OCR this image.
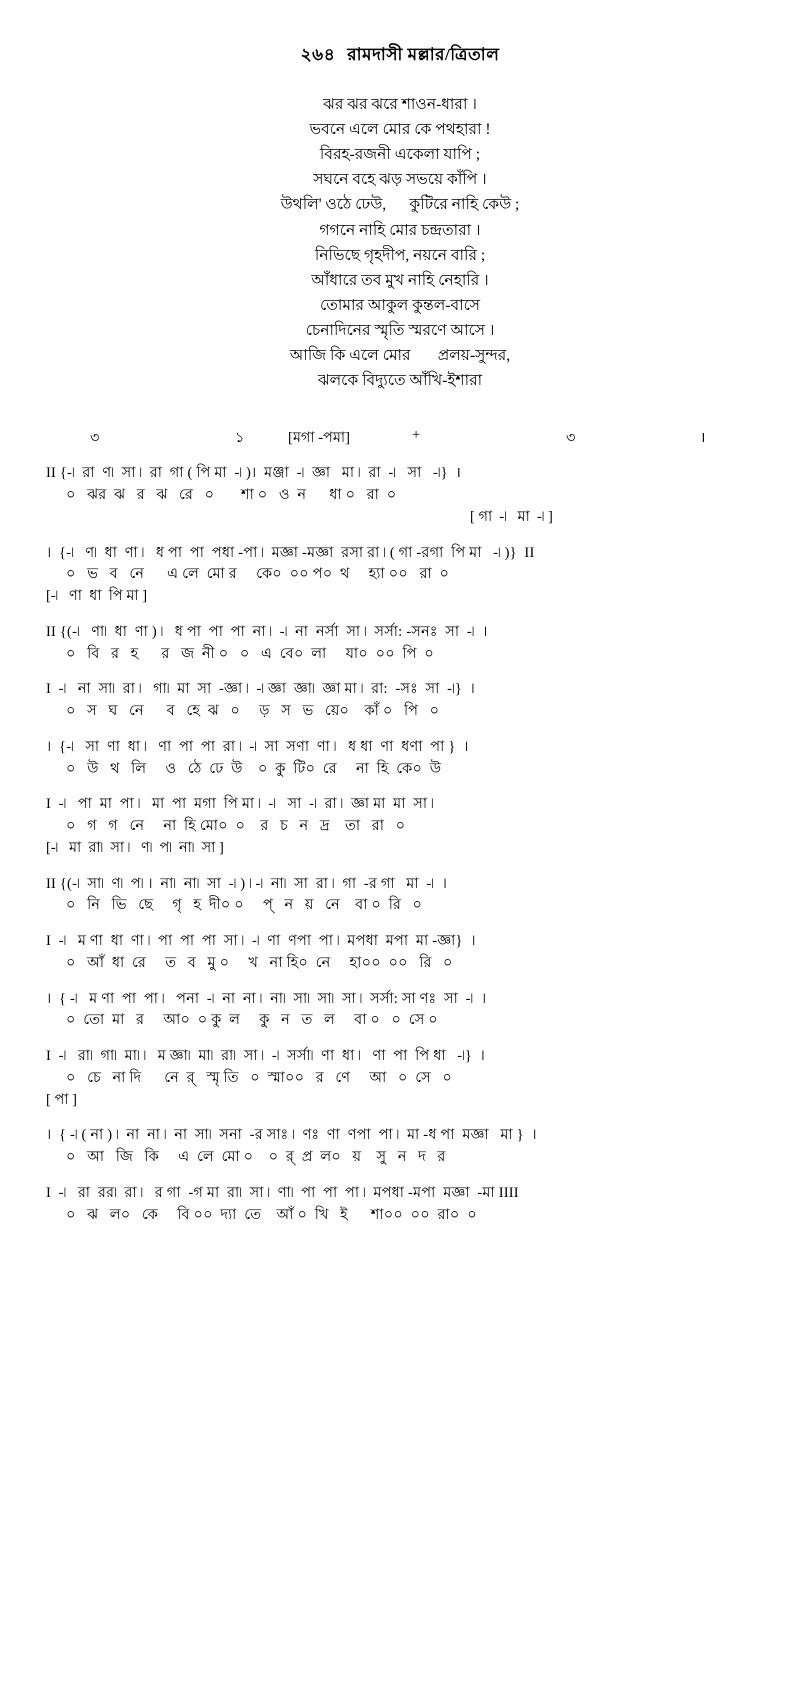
২৬৪ রামদাসী মল্লার/ত্রিতাল
ঝর ঝর ঝরে শাওন-ধারা ।
ভবনে এলে মোর কে পথহারা !
বিরহ-রজনী একেলা যাপি ;
সঘনে বহে ঝড় সভয়ে কাঁপি ।
উথলি' ওঠে ঢেউ,      কুটিরে নাহি কেউ ;
গগনে নাহি মোর চন্দ্রতারা ।
নিভিছে গৃহদীপ, নয়নে বারি ;
আঁধারে তব মুখ নাহি নেহারি ।
তোমার আকুল কুন্তল-বাসে
চেনাদিনের স্মৃতি স্মরণে আসে ।
আজি কি এলে মোর       প্রলয়-সুন্দর,
ঝলকে বিদ্যুতে আঁখি-ইশারা
৩	১	[মগা -পমা]	+	৩	।
II {-৷  রা  ণ৷  সা ৷  রা  গা ( পি মা  -৷ )।  মঞ্জা  -৷  জ্ঞা   মা ৷  রা  -৷   সা   -৷}  ।
০   ঝর  ঝ   র   ঝ   রে   ০       শা ০   ও  ন      ধা ০   রা  ০
[ গা  -৷   মা  -৷ ]
।  {-৷   ণ৷  ধা  ণা ৷   ধ পা  পা  পধা -পা ৷  মজ্ঞা -মজ্ঞা  রসা রা ৷ ( গা -রগা  পি মা   -৷ )}  II
০   ভ   ব   নে      এ লে  মো র     কে০  ০০ প০  থ     হ্যা ০০   রা  ০
[-৷   ণা  ধা  পি মা ]
II {(-৷   ণা৷  ধা  ণা ) ৷   ধ পা  পা  পা  না ৷  -৷  না  নর্সা  সা ৷  সর্সা: -সনঃ  সা  -৷  ।
০   বি   র   হ      র   জ  নী ০   ০   এ  বে০  লা     যা০  ০০  পি  ০
I  -৷   না  সা৷  রা ৷   গা৷  মা  সা  -জ্ঞা ৷  -৷ জ্ঞা  জ্ঞা৷  জ্ঞা মা ৷  রা:  -সঃ  সা  -৷}  ।
০   স   ঘ   নে      ব   হে  ঝ   ০     ড়   স   ভ   য়ে০    কাঁ ০   পি   ০
।  {-৷   সা  ণা  ধা ৷   ণা  পা  পা  রা ৷  -৷  সা  সণা  ণা ৷   ধ ধা  ণা  ধণা  পা }  ।
০   উ   থ   লি     ও   ঠে  ঢে  উ    ০  কু  টি০  রে     না  হি  কে০  উ
I  -৷   পা  মা  পা ৷   মা  পা  মগা  পি মা ৷  -৷   সা  -৷  রা ৷  জ্ঞা মা  মা  সা ৷
০   গ   গ   নে     না  হি মো০  ০    র   চ   ন   দ্র    তা   রা   ০
[-৷   মা  রা৷  সা ৷   ণ৷  প৷  না৷  সা ]
II {(-৷  সা৷  ণ৷  প৷ ।  না৷  না৷  সা  -৷ ) ৷ -৷  না৷  সা  রা ৷  গা  -র গা   মা  -৷  ।
০   নি   ভি   ছে     গৃ   হ  দী০ ০     প্   ন   য়   নে    বা ০  রি   ০
I  -৷   ম ণা  ধা  ণা ৷  পা  পা  পা  সা ৷  -৷  ণা  ণপা  পা ৷  মপধা  মপা  মা -জ্ঞা}  ।
০   আঁ  ধা  রে     ত   ব   মু ০     খ   না হি০  নে     হা০০  ০০   রি   ০
।  { -৷   ম ণা  পা  পা ৷   পনা  -৷  না  না ৷  না৷  সা৷  সা৷  সা ৷  সর্সা: সা ণঃ  সা  -৷  ।
০  তো  মা   র     আ০  ০ কু  ল     কু   ন   ত   ল     বা ০   ০  সে ০
I  -৷   রা৷  গা৷  মা৷ ৷   ম জ্ঞা৷  মা৷  রা৷  সা ৷  -৷  সর্সা৷  ণা  ধা ৷   ণা  পা  পি ধা   -৷}  ।
০   চে   না দি      নে  র্   স্মৃ তি   ০  স্মা০০   র   ণে     আ   ০  সে   ০
[ পা ]
।  { -৷ ( না ) ৷  না  না ৷  না  সা৷  সনা  -র সাঃ ৷  ণঃ  ণা  ণপা  পা ৷  মা -ধ পা  মজ্ঞা   মা }  ।
০   আ   জি   কি     এ  লে  মো ০    ০  র্  প্র  ল০   য়    সু   ন   দ   র
I  -৷   রা  রর৷  রা ৷   র গা  -গ মা  রা৷  সা ৷  ণা৷  পা  পা  পা ৷  মপধা -মপা  মজ্ঞা  -মা IIII
০   ঝ   ল০   কে     বি ০০  দ্যা  তে    আঁ ০  খি   ই      শা০০  ০০  রা০  ০
